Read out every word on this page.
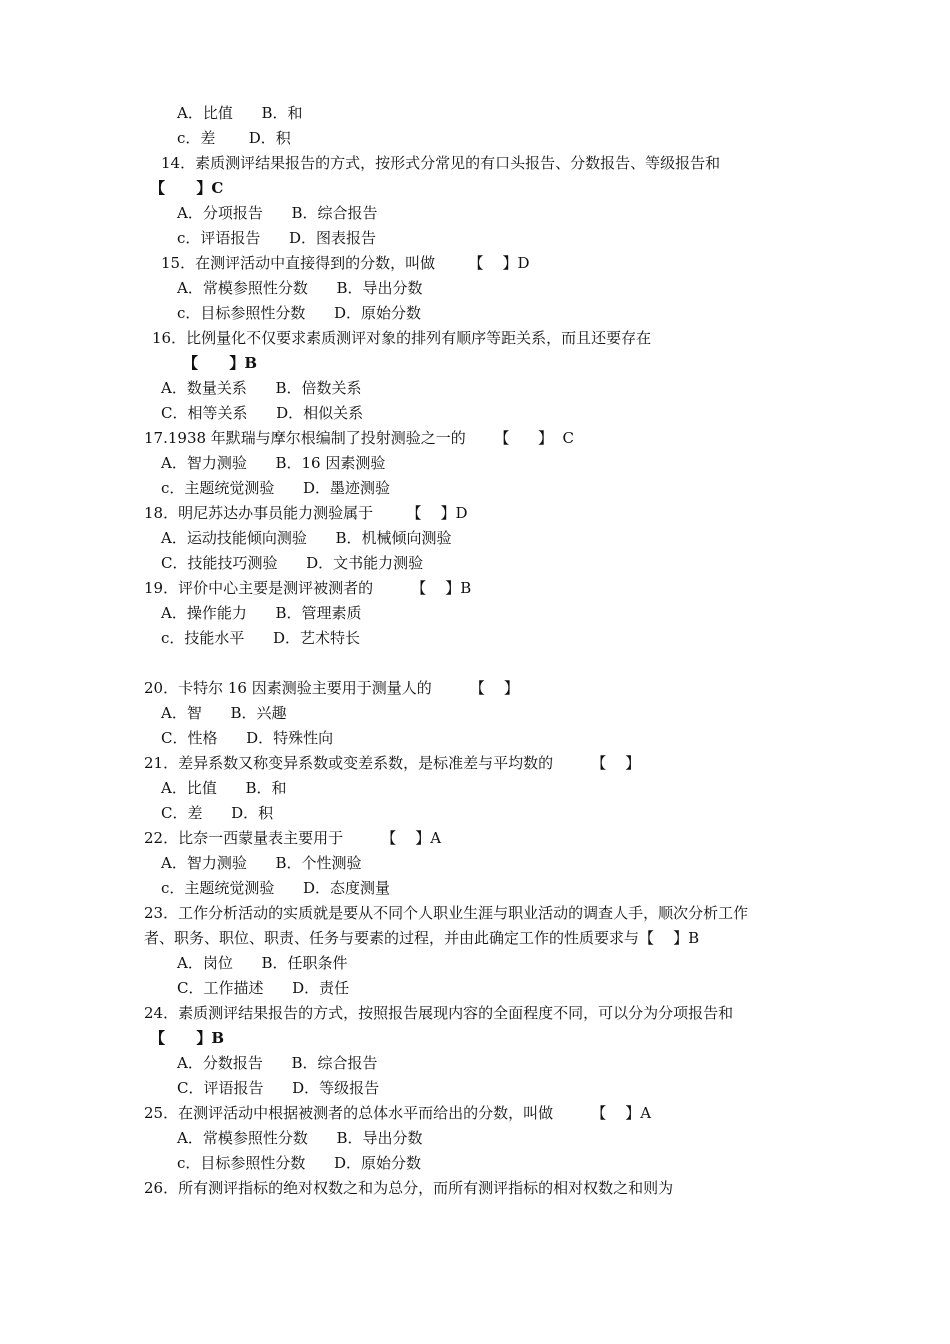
A．比值      B．和
c．差       D．积
14．素质测评结果报告的方式，按形式分常见的有口头报告、分数报告、等级报告和
【      】C
A．分项报告      B．综合报告
c．评语报告      D．图表报告
15．在测评活动中直接得到的分数，叫做       【    】D
A．常模参照性分数      B．导出分数
c．目标参照性分数      D．原始分数
16．比例量化不仅要求素质测评对象的排列有顺序等距关系，而且还要存在
【      】B
A．数量关系      B．倍数关系
C．相等关系      D．相似关系
17.1938 年默瑞与摩尔根编制了投射测验之一的      【      】  C
A．智力测验      B．16 因素测验
c．主题统觉测验      D．墨迹测验
18．明尼苏达办事员能力测验属于       【    】D
A．运动技能倾向测验      B．机械倾向测验
C．技能技巧测验      D．文书能力测验
19．评价中心主要是测评被测者的        【    】B
A．操作能力      B．管理素质
c．技能水平      D．艺术特长
20．卡特尔 16 因素测验主要用于测量人的        【    】
A．智      B．兴趣
C．性格      D．特殊性向
21．差异系数又称变异系数或变差系数，是标准差与平均数的        【    】
A．比值      B．和
C．差      D．积
22．比奈一西蒙量表主要用于        【    】A
A．智力测验      B．个性测验
c．主题统觉测验      D．态度测量
23．工作分析活动的实质就是要从不同个人职业生涯与职业活动的调查人手，顺次分析工作
者、职务、职位、职责、任务与要素的过程，并由此确定工作的性质要求与【    】B
A．岗位      B．任职条件
C．工作描述      D．责任
24．素质测评结果报告的方式，按照报告展现内容的全面程度不同，可以分为分项报告和
【      】B
A．分数报告      B．综合报告
C．评语报告      D．等级报告
25．在测评活动中根据被测者的总体水平而给出的分数，叫做        【    】A
A．常模参照性分数      B．导出分数
c．目标参照性分数      D．原始分数
26．所有测评指标的绝对权数之和为总分，而所有测评指标的相对权数之和则为
